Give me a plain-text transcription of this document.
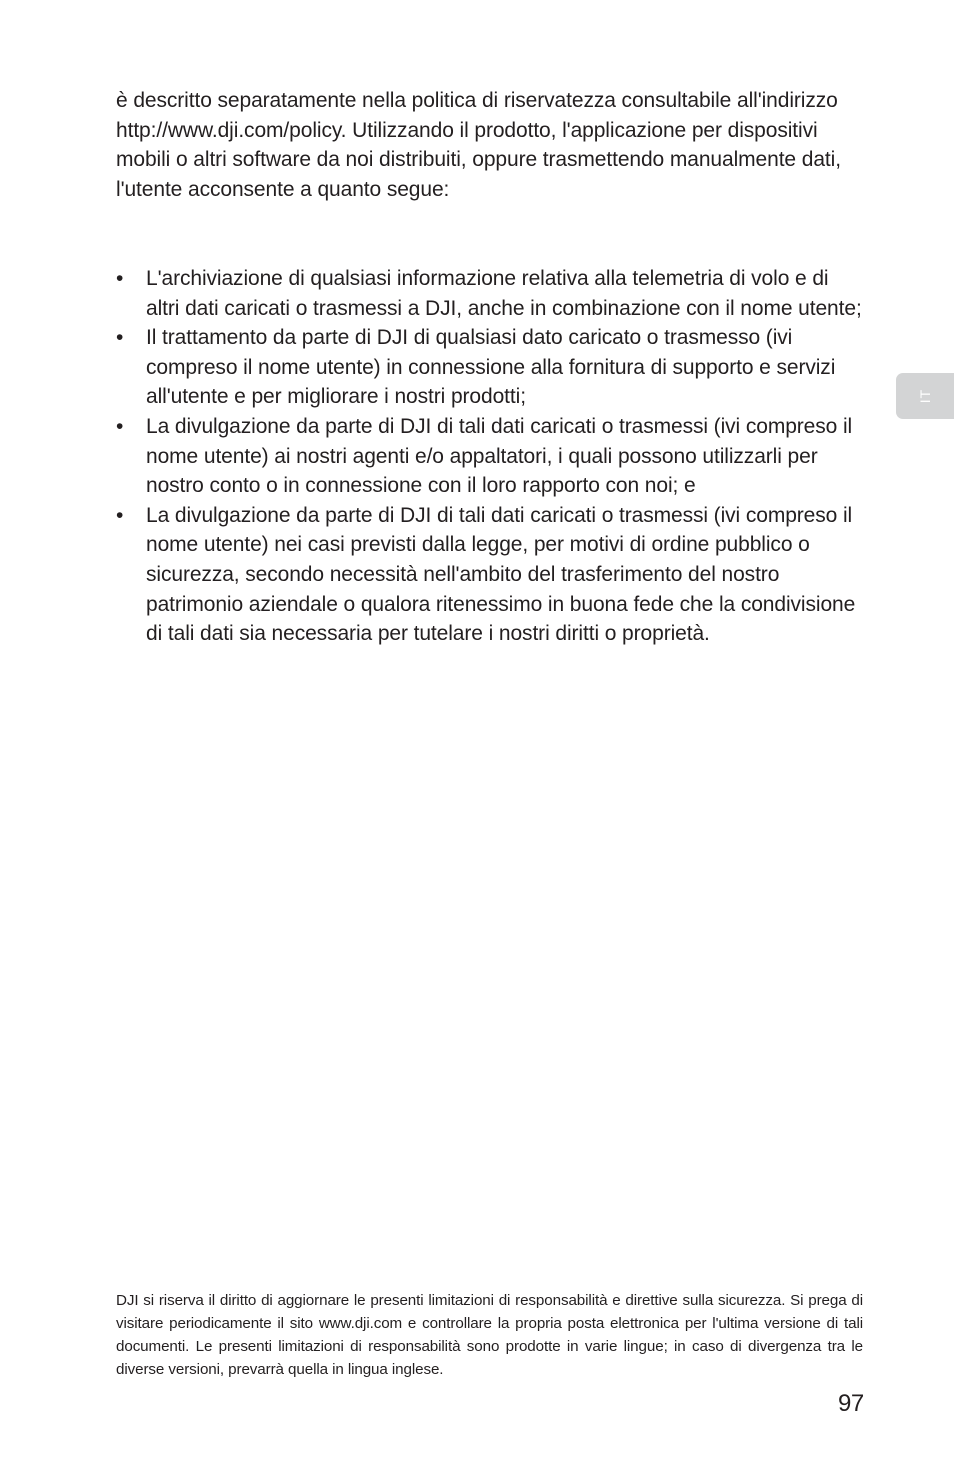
è descritto separatamente nella politica di riservatezza consultabile all'indirizzo

http://www.dji.com/policy. Utilizzando il prodotto, l'applicazione per dispositivi mobili o altri software da noi distribuiti, oppure trasmettendo manualmente dati, l'utente acconsente a quanto segue:

• L'archiviazione di qualsiasi informazione relativa alla telemetria di volo e di altri dati caricati o trasmessi a DJI, anche in combinazione con il nome utente;
• Il trattamento da parte di DJI di qualsiasi dato caricato o trasmesso (ivi compreso il nome utente) in connessione alla fornitura di supporto e servizi all'utente e per migliorare i nostri prodotti;
• La divulgazione da parte di DJI di tali dati caricati o trasmessi (ivi compreso il nome utente) ai nostri agenti e/o appaltatori, i quali possono utilizzarli per nostro conto o in connessione con il loro rapporto con noi; e
• La divulgazione da parte di DJI di tali dati caricati o trasmessi (ivi compreso il nome utente) nei casi previsti dalla legge, per motivi di ordine pubblico o sicurezza, secondo necessità nell'ambito del trasferimento del nostro patrimonio aziendale o qualora ritenessimo in buona fede che la condivisione di tali dati sia necessaria per tutelare i nostri diritti o proprietà.
IT

DJI si riserva il diritto di aggiornare le presenti limitazioni di responsabilità e direttive sulla sicurezza. Si prega di visitare periodicamente il sito www.dji.com e controllare la propria posta elettronica per l'ultima versione di tali documenti. Le presenti limitazioni di responsabilità sono prodotte in varie lingue; in caso di divergenza tra le diverse versioni, prevarrà quella in lingua inglese.

97
